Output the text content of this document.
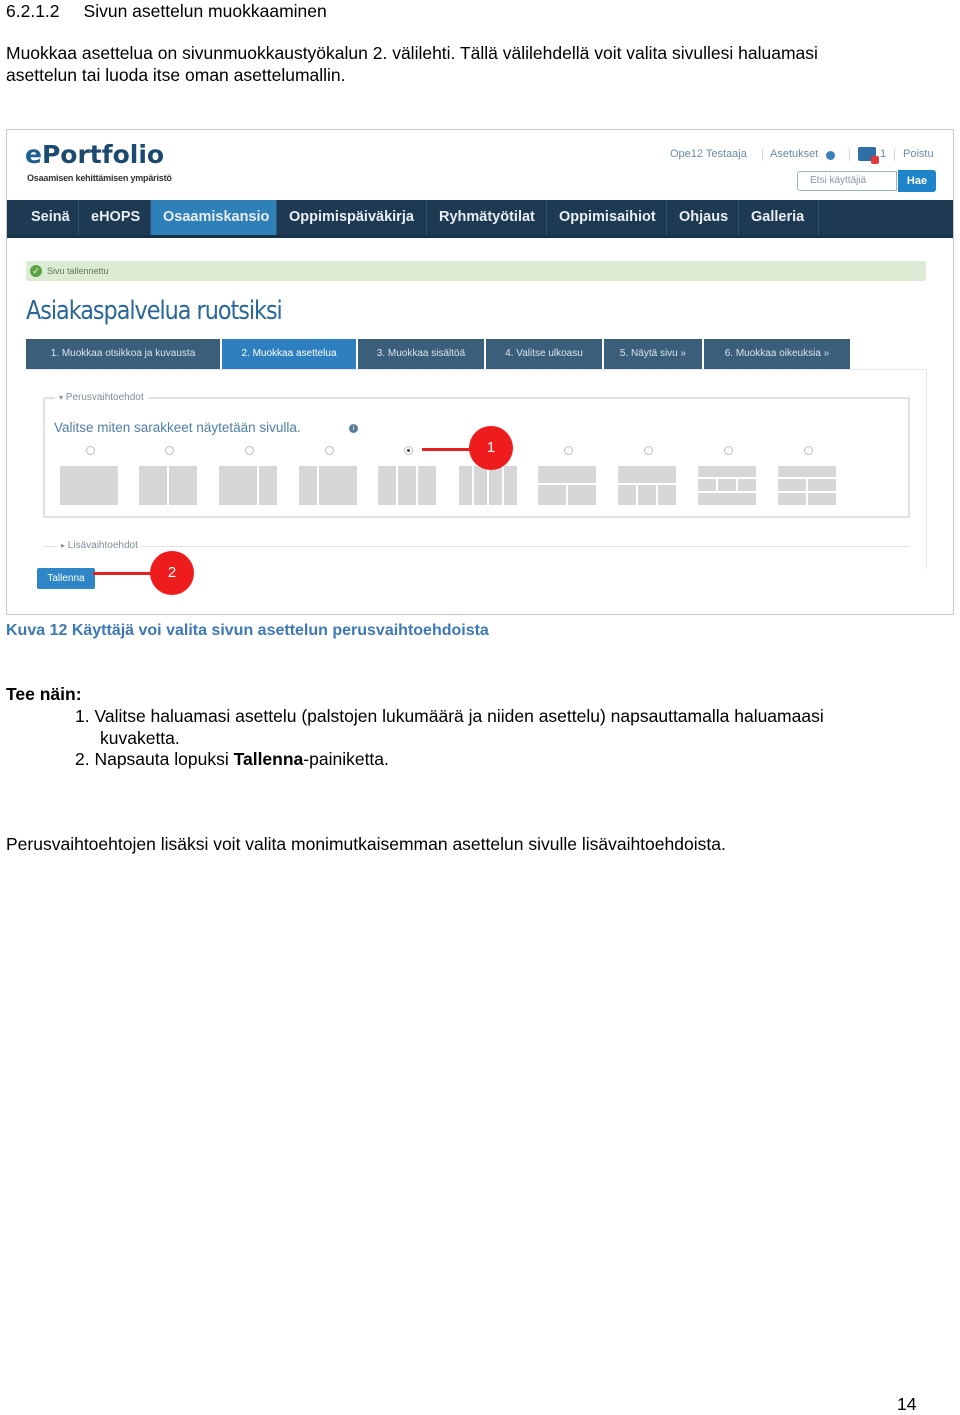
6.2.1.2 Sivun asettelun muokkaaminen
Muokkaa asettelua on sivunmuokkaustyökalun 2. välilehti. Tällä välilehdellä voit valita sivullesi haluamasi
asettelun tai luoda itse oman asettelumallin.
ePortfolio
Osaamisen kehittämisen ympäristö
Ope12 Testaaja Asetukset	1 Poistu
Etsi käyttäjiä	Hae
Seinä	eHOPS	Osaamiskansio	Oppimispäiväkirja	Ryhmätyötilat	Oppimisaihiot	Ohjaus	Galleria
✓ Sivu tallennettu
Asiakaspalvelua ruotsiksi
1. Muokkaa otsikkoa ja kuvausta	2. Muokkaa asettelua	3. Muokkaa sisältöä	4. Valitse ulkoasu	5. Näytä sivu »	6. Muokkaa oikeuksia »
▾ Perusvaihtoehdot
Valitse miten sarakkeet näytetään sivulla.	i
▸ Lisävaihtoehdot
Tallenna
1
2
Kuva 12 Käyttäjä voi valita sivun asettelun perusvaihtoehdoista
Tee näin:
1. Valitse haluamasi asettelu (palstojen lukumäärä ja niiden asettelu) napsauttamalla haluamaasi
kuvaketta.
2. Napsauta lopuksi Tallenna-painiketta.
Perusvaihtoehtojen lisäksi voit valita monimutkaisemman asettelun sivulle lisävaihtoehdoista.
14
